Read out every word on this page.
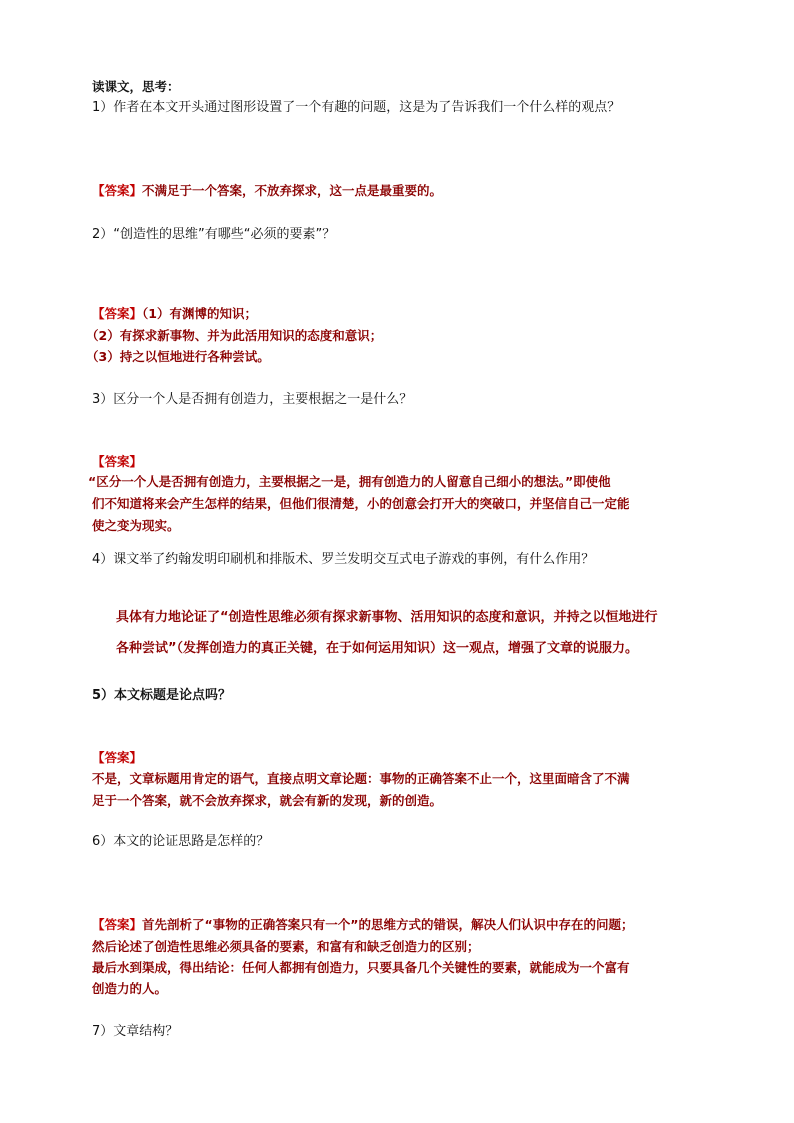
读课文，思考：
1）作者在本文开头通过图形设置了一个有趣的问题，这是为了告诉我们一个什么样的观点？
【答案】不满足于一个答案，不放弃探求，这一点是最重要的。
2）“创造性的思维”有哪些“必须的要素”？
【答案】（1）有渊博的知识；
（2）有探求新事物、并为此活用知识的态度和意识；
（3）持之以恒地进行各种尝试。
3）区分一个人是否拥有创造力，主要根据之一是什么？
【答案】
“区分一个人是否拥有创造力，主要根据之一是，拥有创造力的人留意自己细小的想法。”即使他
们不知道将来会产生怎样的结果，但他们很清楚，小的创意会打开大的突破口，并坚信自己一定能
使之变为现实。
4）课文举了约翰发明印刷机和排版术、罗兰发明交互式电子游戏的事例，有什么作用？
具体有力地论证了“创造性思维必须有探求新事物、活用知识的态度和意识，并持之以恒地进行
各种尝试”（发挥创造力的真正关键，在于如何运用知识）这一观点，增强了文章的说服力。
5）本文标题是论点吗？
【答案】
不是，文章标题用肯定的语气，直接点明文章论题：事物的正确答案不止一个，这里面暗含了不满
足于一个答案，就不会放弃探求，就会有新的发现，新的创造。
6）本文的论证思路是怎样的？
【答案】首先剖析了“事物的正确答案只有一个”的思维方式的错误，解决人们认识中存在的问题；
然后论述了创造性思维必须具备的要素，和富有和缺乏创造力的区别；
最后水到渠成，得出结论：任何人都拥有创造力，只要具备几个关键性的要素，就能成为一个富有
创造力的人。
7）文章结构？
